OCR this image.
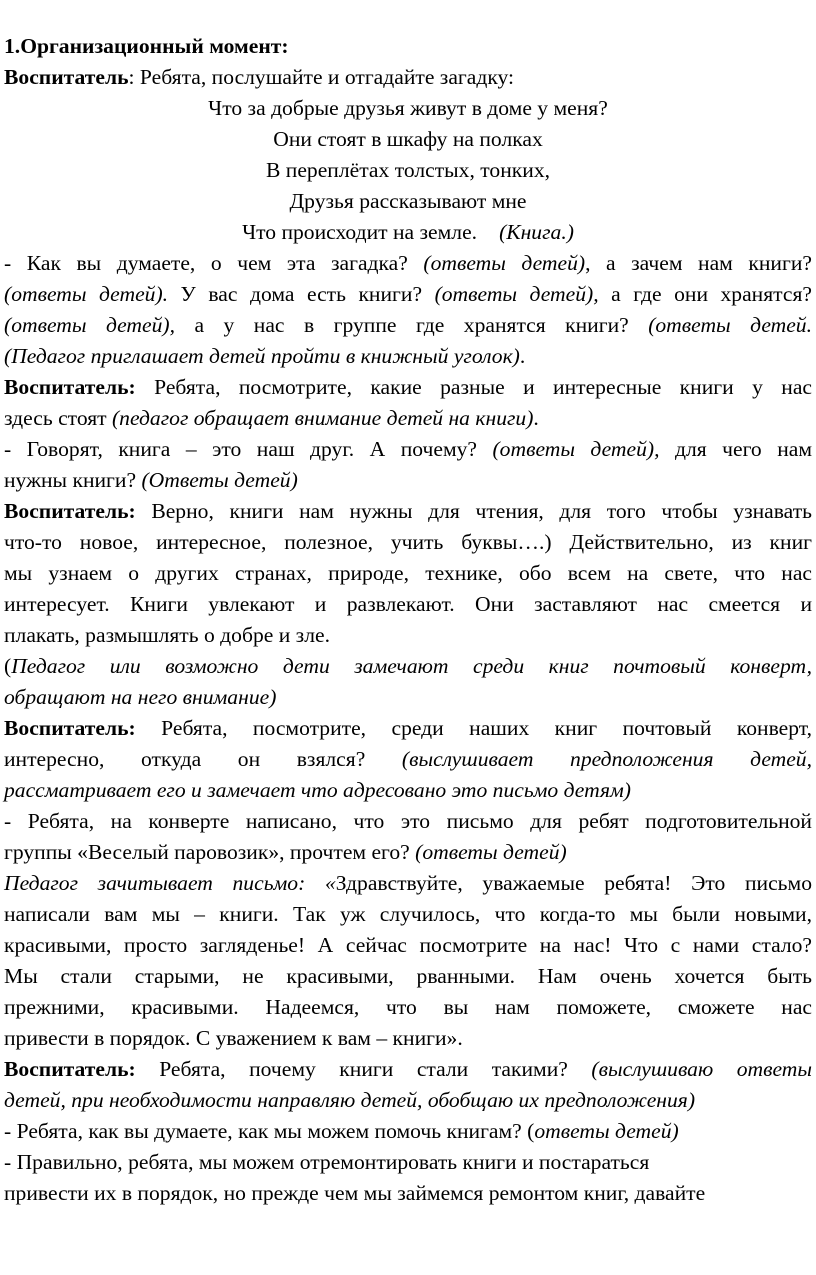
1.Организационный момент:
Воспитатель: Ребята, послушайте и отгадайте загадку:
Что за добрые друзья живут в доме у меня?
Они стоят в шкафу на полках
В переплётах толстых, тонких,
Друзья рассказывают мне
Что происходит на земле. (Книга.)
- Как вы думаете, о чем эта загадка? (ответы детей), а зачем нам книги?
(ответы детей). У вас дома есть книги? (ответы детей), а где они хранятся?
(ответы детей), а у нас в группе где хранятся книги? (ответы детей.
(Педагог приглашает детей пройти в книжный уголок).
Воспитатель: Ребята, посмотрите, какие разные и интересные книги у нас
здесь стоят (педагог обращает внимание детей на книги).
- Говорят, книга – это наш друг. А почему? (ответы детей), для чего нам
нужны книги? (Ответы детей)
Воспитатель: Верно, книги нам нужны для чтения, для того чтобы узнавать
что-то новое, интересное, полезное, учить буквы….) Действительно, из книг
мы узнаем о других странах, природе, технике, обо всем на свете, что нас
интересует. Книги увлекают и развлекают. Они заставляют нас смеется и
плакать, размышлять о добре и зле.
(Педагог или возможно дети замечают среди книг почтовый конверт,
обращают на него внимание)
Воспитатель: Ребята, посмотрите, среди наших книг почтовый конверт,
интересно, откуда он взялся? (выслушивает предположения детей,
рассматривает его и замечает что адресовано это письмо детям)
- Ребята, на конверте написано, что это письмо для ребят подготовительной
группы «Веселый паровозик», прочтем его? (ответы детей)
Педагог зачитывает письмо: «Здравствуйте, уважаемые ребята! Это письмо
написали вам мы – книги. Так уж случилось, что когда-то мы были новыми,
красивыми, просто загляденье! А сейчас посмотрите на нас! Что с нами стало?
Мы стали старыми, не красивыми, рванными. Нам очень хочется быть
прежними, красивыми. Надеемся, что вы нам поможете, сможете нас
привести в порядок. С уважением к вам – книги».
Воспитатель: Ребята, почему книги стали такими? (выслушиваю ответы
детей, при необходимости направляю детей, обобщаю их предположения)
- Ребята, как вы думаете, как мы можем помочь книгам? (ответы детей)
- Правильно, ребята, мы можем отремонтировать книги и постараться
привести их в порядок, но прежде чем мы займемся ремонтом книг, давайте
